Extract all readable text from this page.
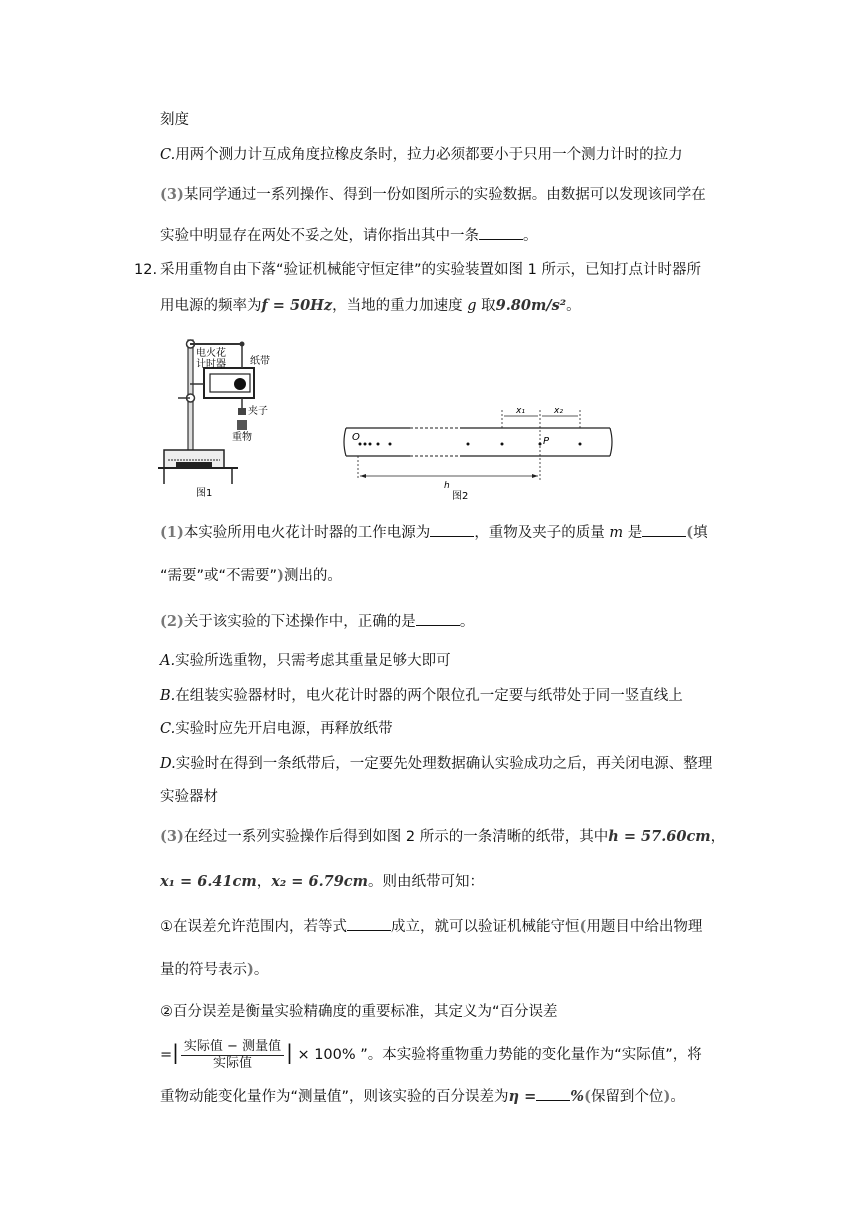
刻度
C.用两个测力计互成角度拉橡皮条时，拉力必须都要小于只用一个测力计时的拉力
(3)某同学通过一系列操作、得到一份如图所示的实验数据。由数据可以发现该同学在
实验中明显存在两处不妥之处，请你指出其中一条	。
12. 采用重物自由下落“验证机械能守恒定律”的实验装置如图 1 所示，已知打点计时器所
用电源的频率为f = 50Hz，当地的重力加速度 g 取9.80m/s²。
电火花
计时器 纸带
夹子
重物
图1
O	P
x₁	x₂
h
图2
(1)本实验所用电火花计时器的工作电源为	，重物及夹子的质量 m 是	(填
“需要”或“不需要”)测出的。
(2)关于该实验的下述操作中，正确的是	。
A.实验所选重物，只需考虑其重量足够大即可
B.在组装实验器材时，电火花计时器的两个限位孔一定要与纸带处于同一竖直线上
C.实验时应先开启电源，再释放纸带
D.实验时在得到一条纸带后，一定要先处理数据确认实验成功之后，再关闭电源、整理
实验器材
(3)在经过一系列实验操作后得到如图 2 所示的一条清晰的纸带，其中h = 57.60cm，
x₁ = 6.41cm，x₂ = 6.79cm。则由纸带可知：
①在误差允许范围内，若等式	成立，就可以验证机械能守恒(用题目中给出物理
量的符号表示)。
②百分误差是衡量实验精确度的重要标准，其定义为“百分误差
=| $\frac{\text{实际值 − 测量值}}{\text{实际值}}$ | × 100% ”。本实验将重物重力势能的变化量作为“实际值”，将
重物动能变化量作为“测量值”，则该实验的百分误差为η = %(保留到个位)。
